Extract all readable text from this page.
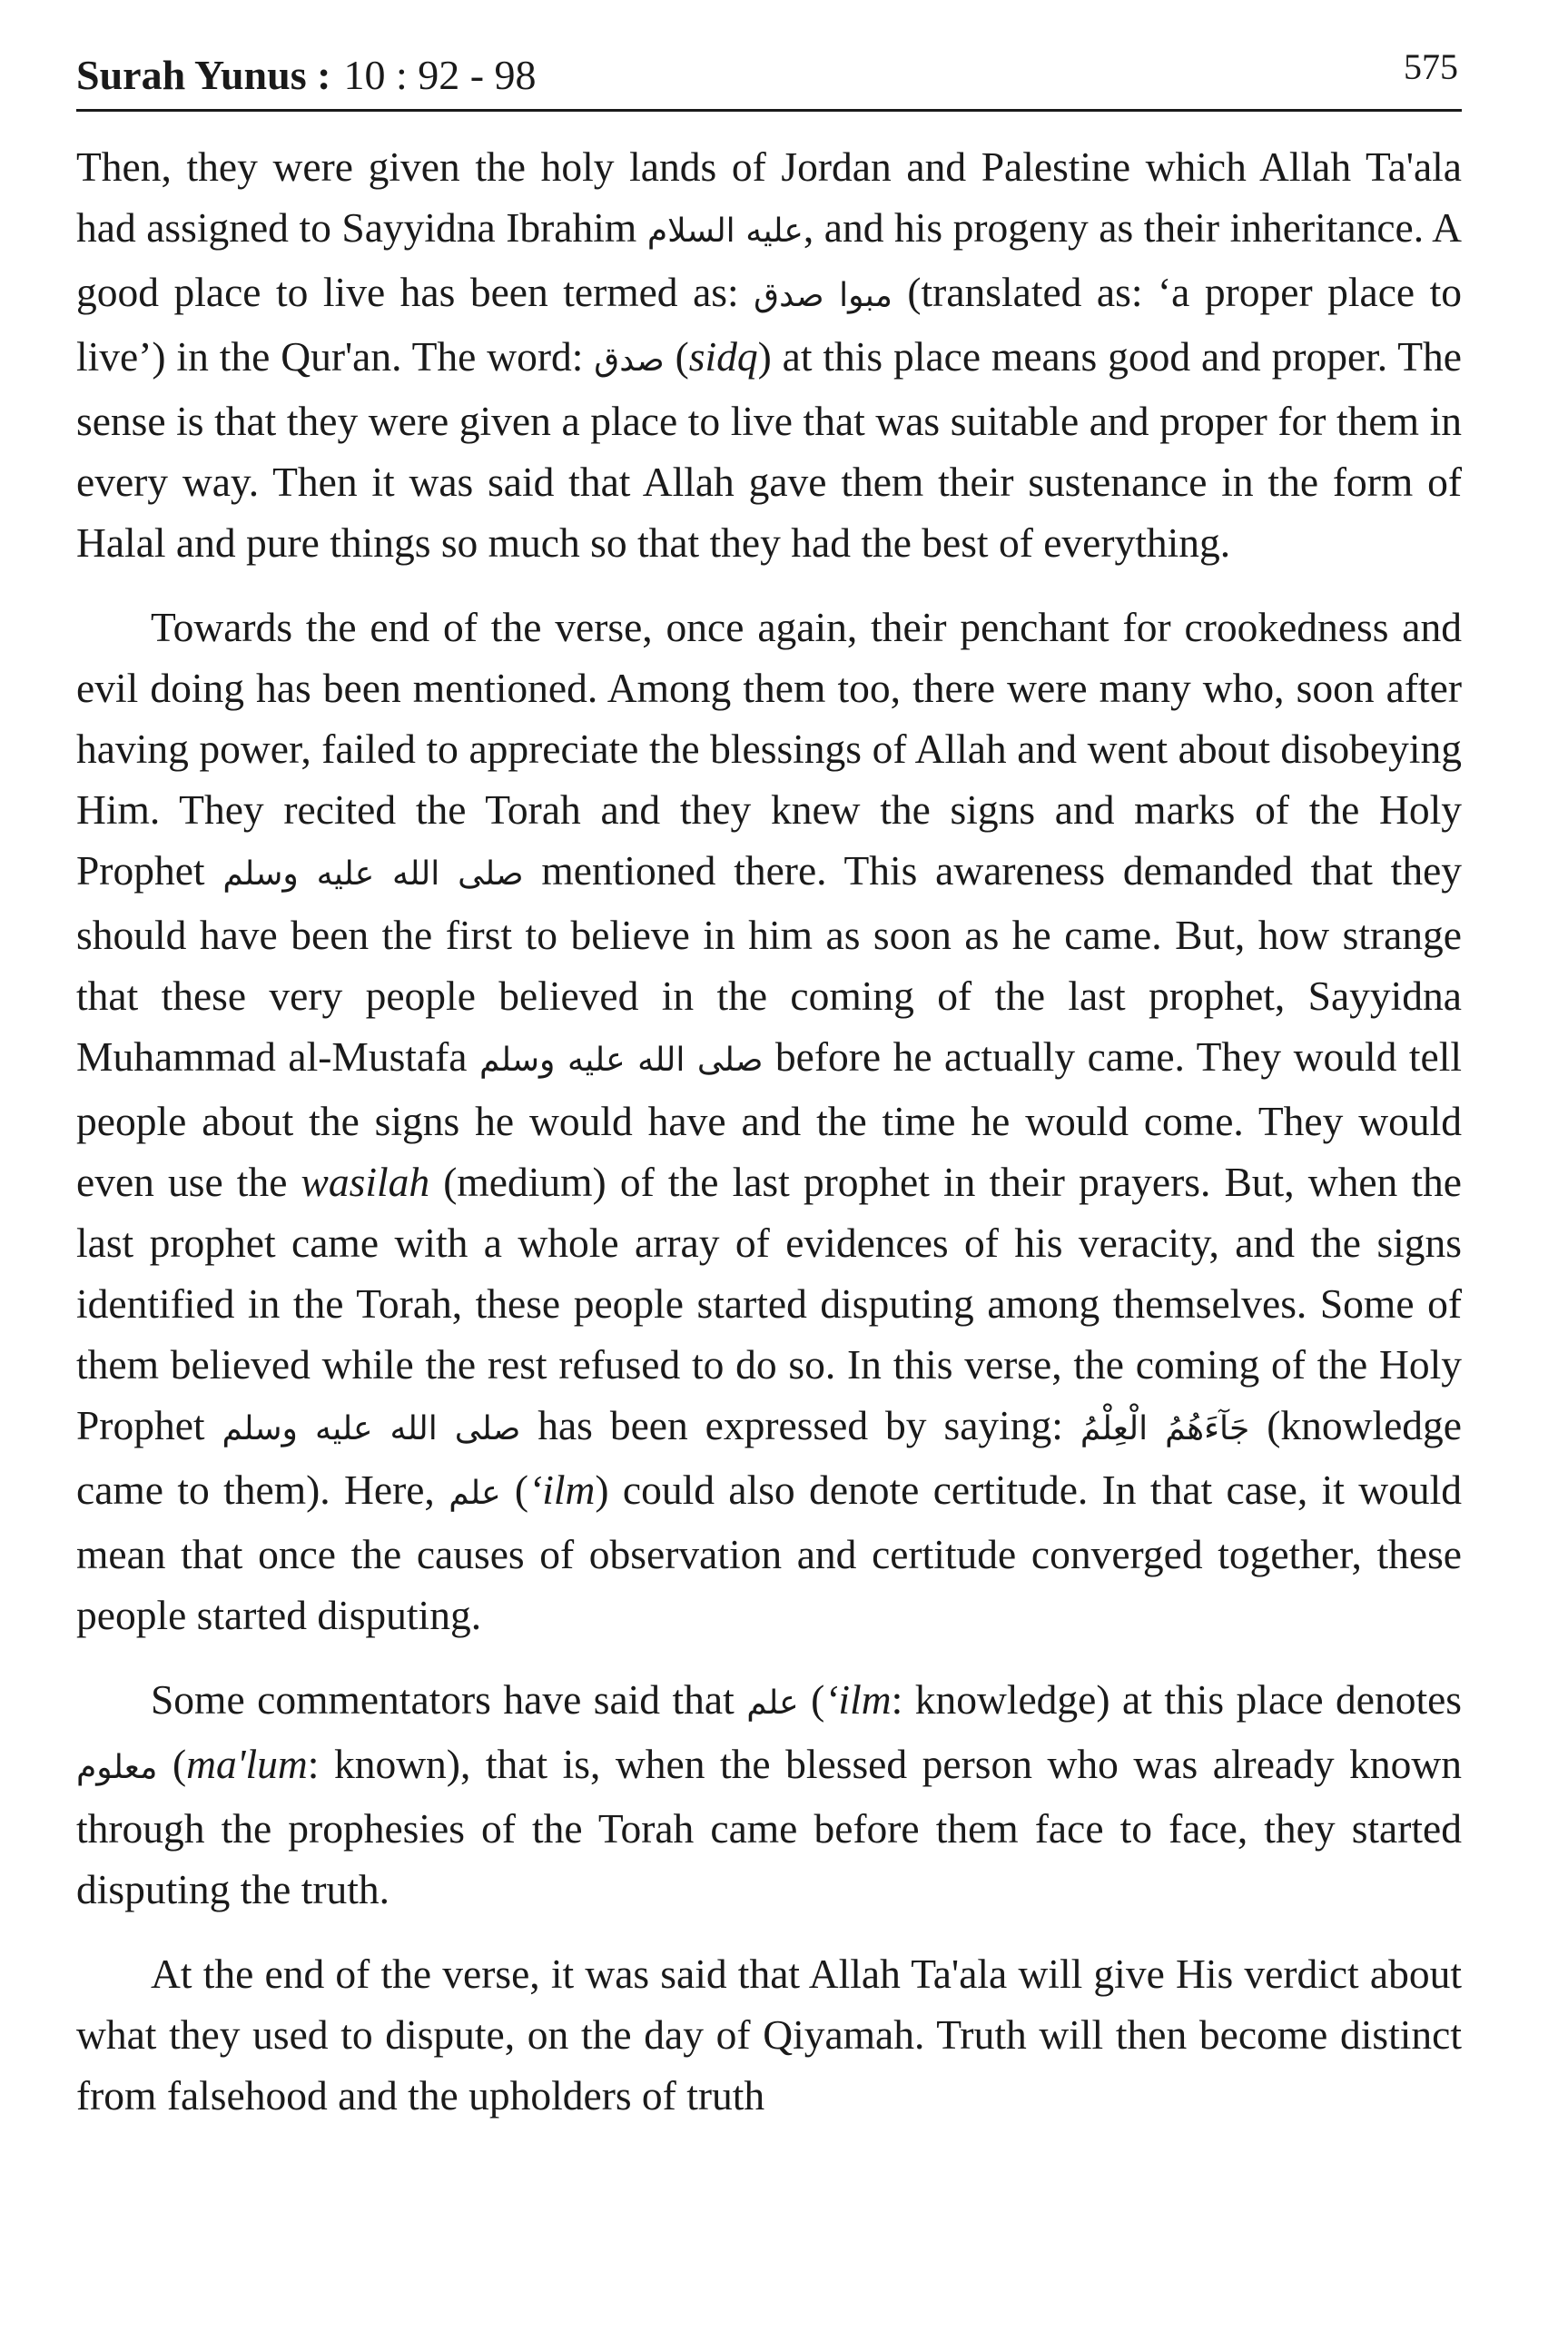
Surah Yunus : 10 : 92 - 98	575

Then, they were given the holy lands of Jordan and Palestine which Allah Ta'ala had assigned to Sayyidna Ibrahim عليه السلام, and his progeny as their inheritance. A good place to live has been termed as: مبوا صدق (translated as: ‘a proper place to live’) in the Qur'an. The word: صدق (sidq) at this place means good and proper. The sense is that they were given a place to live that was suitable and proper for them in every way. Then it was said that Allah gave them their sustenance in the form of Halal and pure things so much so that they had the best of everything.

Towards the end of the verse, once again, their penchant for crookedness and evil doing has been mentioned. Among them too, there were many who, soon after having power, failed to appreciate the blessings of Allah and went about disobeying Him. They recited the Torah and they knew the signs and marks of the Holy Prophet صلى الله عليه وسلم mentioned there. This awareness demanded that they should have been the first to believe in him as soon as he came. But, how strange that these very people believed in the coming of the last prophet, Sayyidna Muhammad al-Mustafa صلى الله عليه وسلم before he actually came. They would tell people about the signs he would have and the time he would come. They would even use the wasilah (medium) of the last prophet in their prayers. But, when the last prophet came with a whole array of evidences of his veracity, and the signs identified in the Torah, these people started disputing among themselves. Some of them believed while the rest refused to do so. In this verse, the coming of the Holy Prophet صلى الله عليه وسلم has been expressed by saying: جَآءَهُمُ الْعِلْمُ (knowledge came to them). Here, علم (‘ilm) could also denote certitude. In that case, it would mean that once the causes of observation and certitude converged together, these people started disputing.

Some commentators have said that علم (‘ilm: knowledge) at this place denotes معلوم (ma'lum: known), that is, when the blessed person who was already known through the prophesies of the Torah came before them face to face, they started disputing the truth.

At the end of the verse, it was said that Allah Ta'ala will give His verdict about what they used to dispute, on the day of Qiyamah. Truth will then become distinct from falsehood and the upholders of truth
